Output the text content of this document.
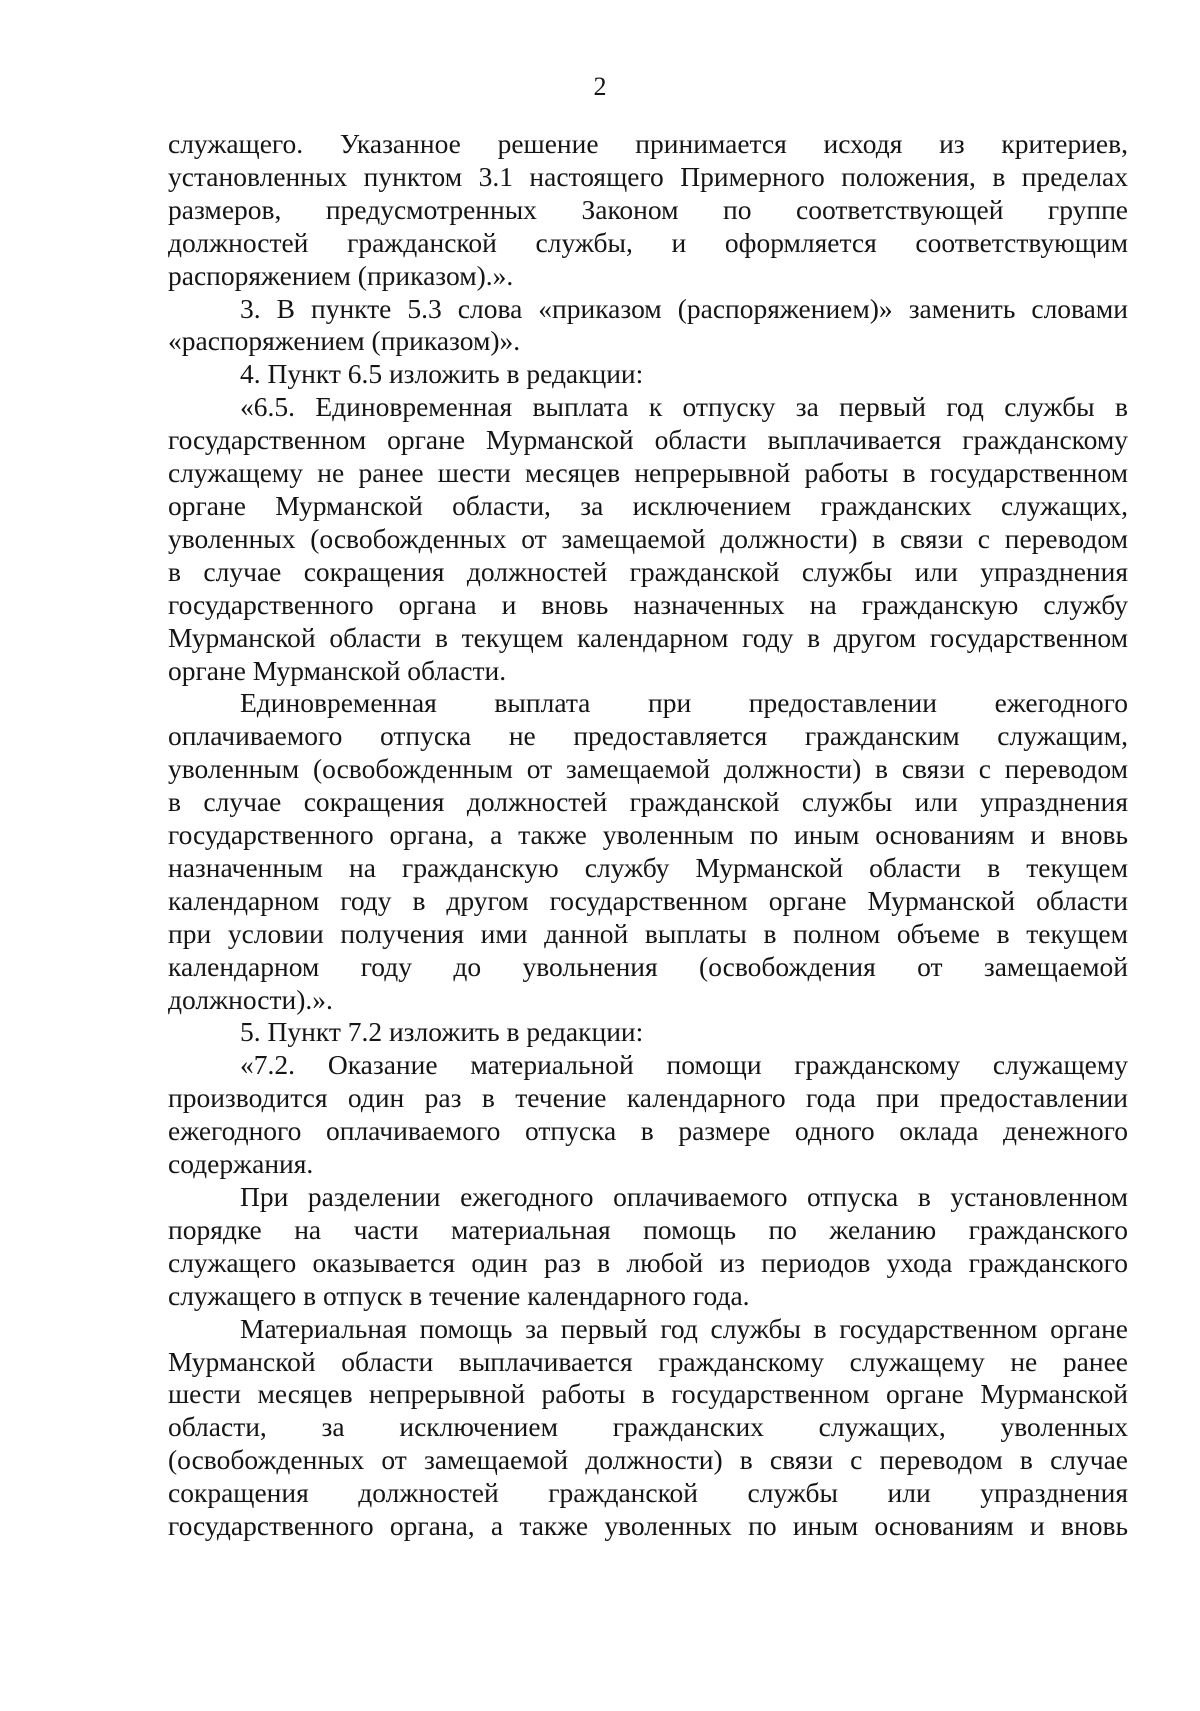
2
служащего. Указанное решение принимается исходя из критериев,
установленных пунктом 3.1 настоящего Примерного положения, в пределах
размеров, предусмотренных Законом по соответствующей группе
должностей гражданской службы, и оформляется соответствующим
распоряжением (приказом).».
3. В пункте 5.3 слова «приказом (распоряжением)» заменить словами
«распоряжением (приказом)».
4. Пункт 6.5 изложить в редакции:
«6.5. Единовременная выплата к отпуску за первый год службы в
государственном органе Мурманской области выплачивается гражданскому
служащему не ранее шести месяцев непрерывной работы в государственном
органе Мурманской области, за исключением гражданских служащих,
уволенных (освобожденных от замещаемой должности) в связи с переводом
в случае сокращения должностей гражданской службы или упразднения
государственного органа и вновь назначенных на гражданскую службу
Мурманской области в текущем календарном году в другом государственном
органе Мурманской области.
Единовременная выплата при предоставлении ежегодного
оплачиваемого отпуска не предоставляется гражданским служащим,
уволенным (освобожденным от замещаемой должности) в связи с переводом
в случае сокращения должностей гражданской службы или упразднения
государственного органа, а также уволенным по иным основаниям и вновь
назначенным на гражданскую службу Мурманской области в текущем
календарном году в другом государственном органе Мурманской области
при условии получения ими данной выплаты в полном объеме в текущем
календарном году до увольнения (освобождения от замещаемой
должности).».
5. Пункт 7.2 изложить в редакции:
«7.2. Оказание материальной помощи гражданскому служащему
производится один раз в течение календарного года при предоставлении
ежегодного оплачиваемого отпуска в размере одного оклада денежного
содержания.
При разделении ежегодного оплачиваемого отпуска в установленном
порядке на части материальная помощь по желанию гражданского
служащего оказывается один раз в любой из периодов ухода гражданского
служащего в отпуск в течение календарного года.
Материальная помощь за первый год службы в государственном органе
Мурманской области выплачивается гражданскому служащему не ранее
шести месяцев непрерывной работы в государственном органе Мурманской
области, за исключением гражданских служащих, уволенных
(освобожденных от замещаемой должности) в связи с переводом в случае
сокращения должностей гражданской службы или упразднения
государственного органа, а также уволенных по иным основаниям и вновь
